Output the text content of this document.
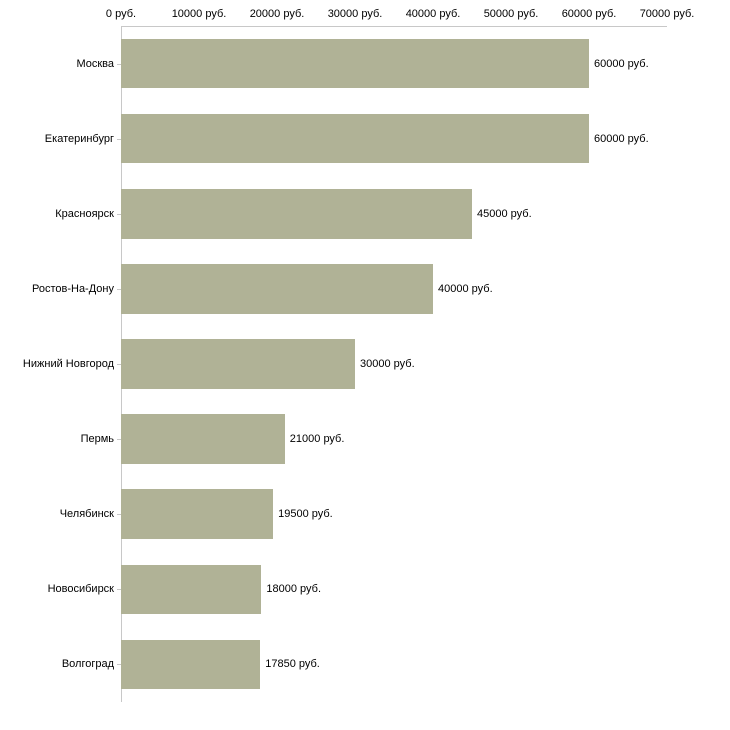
0 руб.	10000 руб. 20000 руб. 30000 руб. 40000 руб. 50000 руб. 60000 руб. 70000 руб.
60000 руб.
Москва
60000 руб.
Екатеринбург
45000 руб.
Красноярск
40000 руб.
Ростов-На-Дону
30000 руб.
Нижний Новгород
21000 руб.
Пермь
19500 руб.
Челябинск
18000 руб.
Новосибирск
17850 руб.
Волгоград
